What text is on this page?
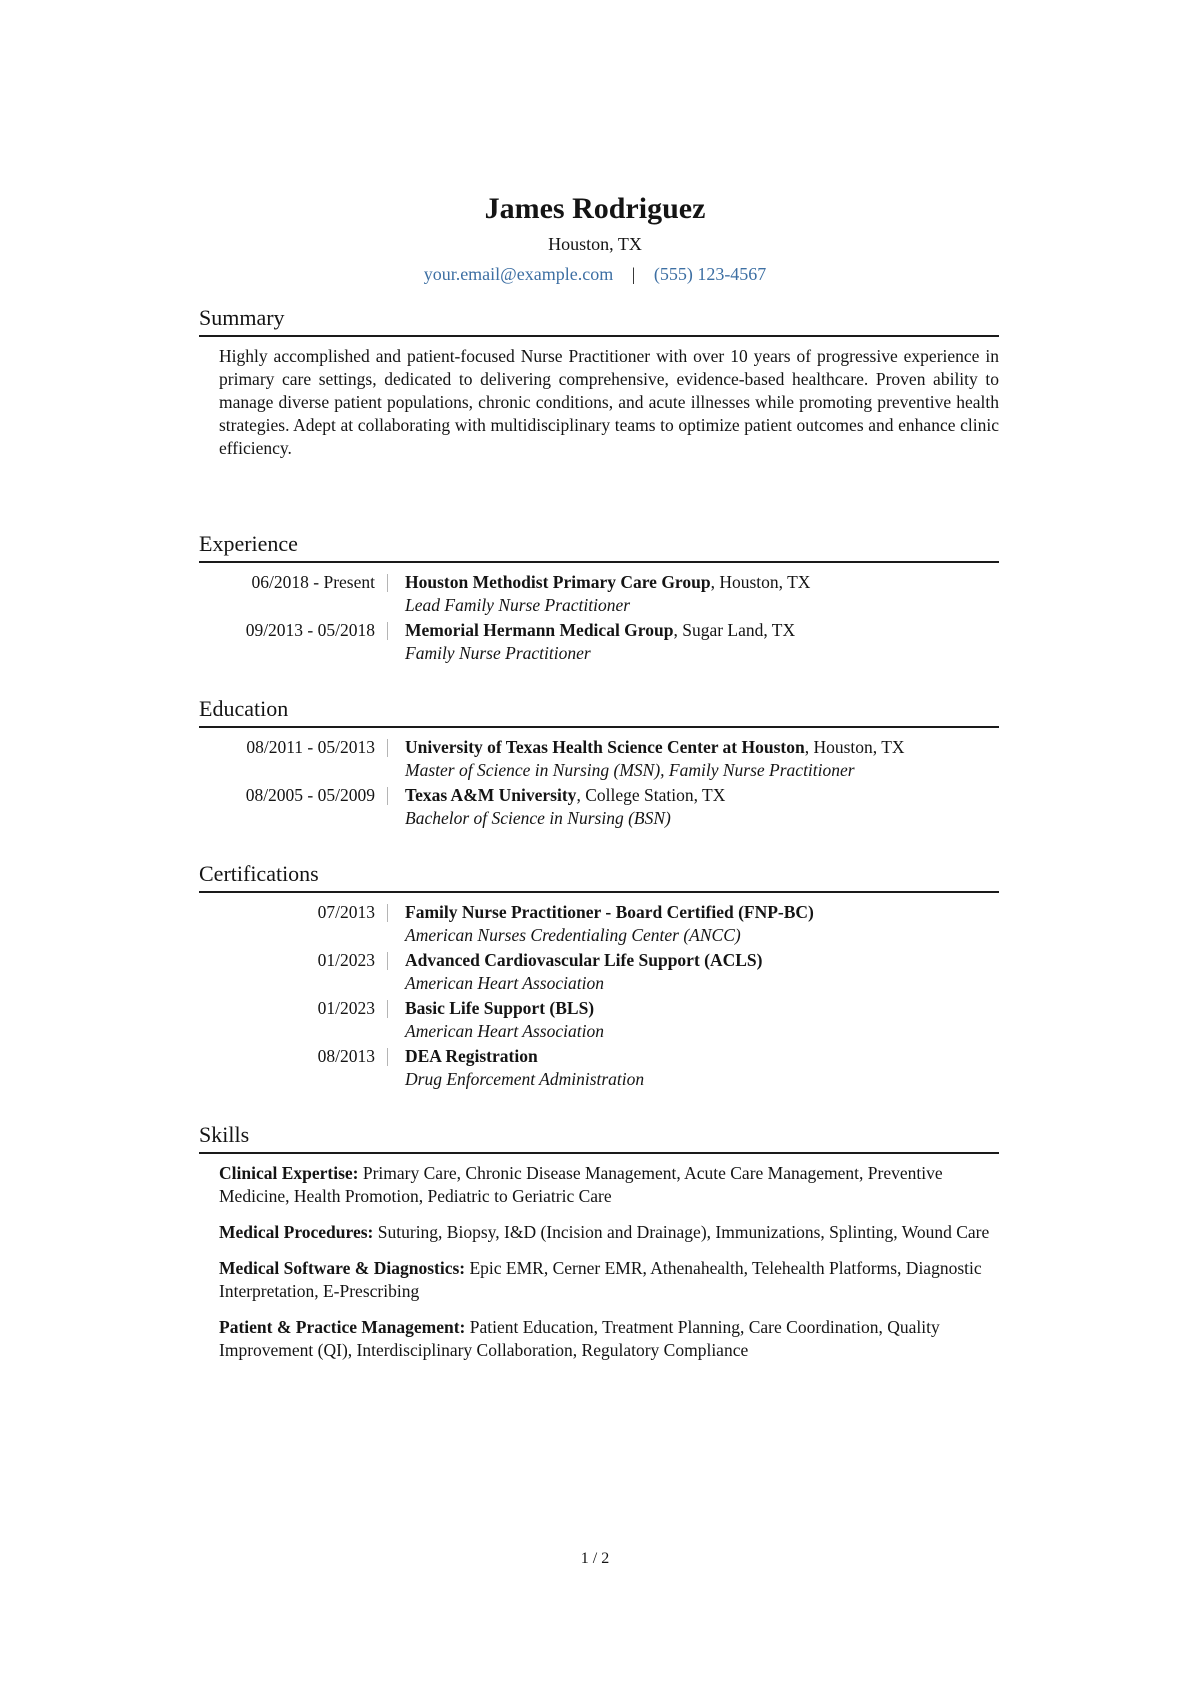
James Rodriguez
Houston, TX
your.email@example.com | (555) 123-4567
Summary
Highly accomplished and patient-focused Nurse Practitioner with over 10 years of progressive experience in primary care settings, dedicated to delivering comprehensive, evidence-based healthcare. Proven ability to manage diverse patient populations, chronic conditions, and acute illnesses while promoting preventive health strategies. Adept at collaborating with multidisciplinary teams to optimize patient outcomes and enhance clinic efficiency.
Experience
06/2018 - Present	Houston Methodist Primary Care Group, Houston, TX
Lead Family Nurse Practitioner
09/2013 - 05/2018	Memorial Hermann Medical Group, Sugar Land, TX
Family Nurse Practitioner
Education
08/2011 - 05/2013	University of Texas Health Science Center at Houston, Houston, TX
Master of Science in Nursing (MSN), Family Nurse Practitioner
08/2005 - 05/2009	Texas A&M University, College Station, TX
Bachelor of Science in Nursing (BSN)
Certifications
07/2013	Family Nurse Practitioner - Board Certified (FNP-BC)
American Nurses Credentialing Center (ANCC)
01/2023	Advanced Cardiovascular Life Support (ACLS)
American Heart Association
01/2023	Basic Life Support (BLS)
American Heart Association
08/2013	DEA Registration
Drug Enforcement Administration
Skills
Clinical Expertise: Primary Care, Chronic Disease Management, Acute Care Management, Preventive Medicine, Health Promotion, Pediatric to Geriatric Care
Medical Procedures: Suturing, Biopsy, I&D (Incision and Drainage), Immunizations, Splinting, Wound Care
Medical Software & Diagnostics: Epic EMR, Cerner EMR, Athenahealth, Telehealth Platforms, Diagnostic Interpretation, E-Prescribing
Patient & Practice Management: Patient Education, Treatment Planning, Care Coordination, Quality Improvement (QI), Interdisciplinary Collaboration, Regulatory Compliance
1 / 2
